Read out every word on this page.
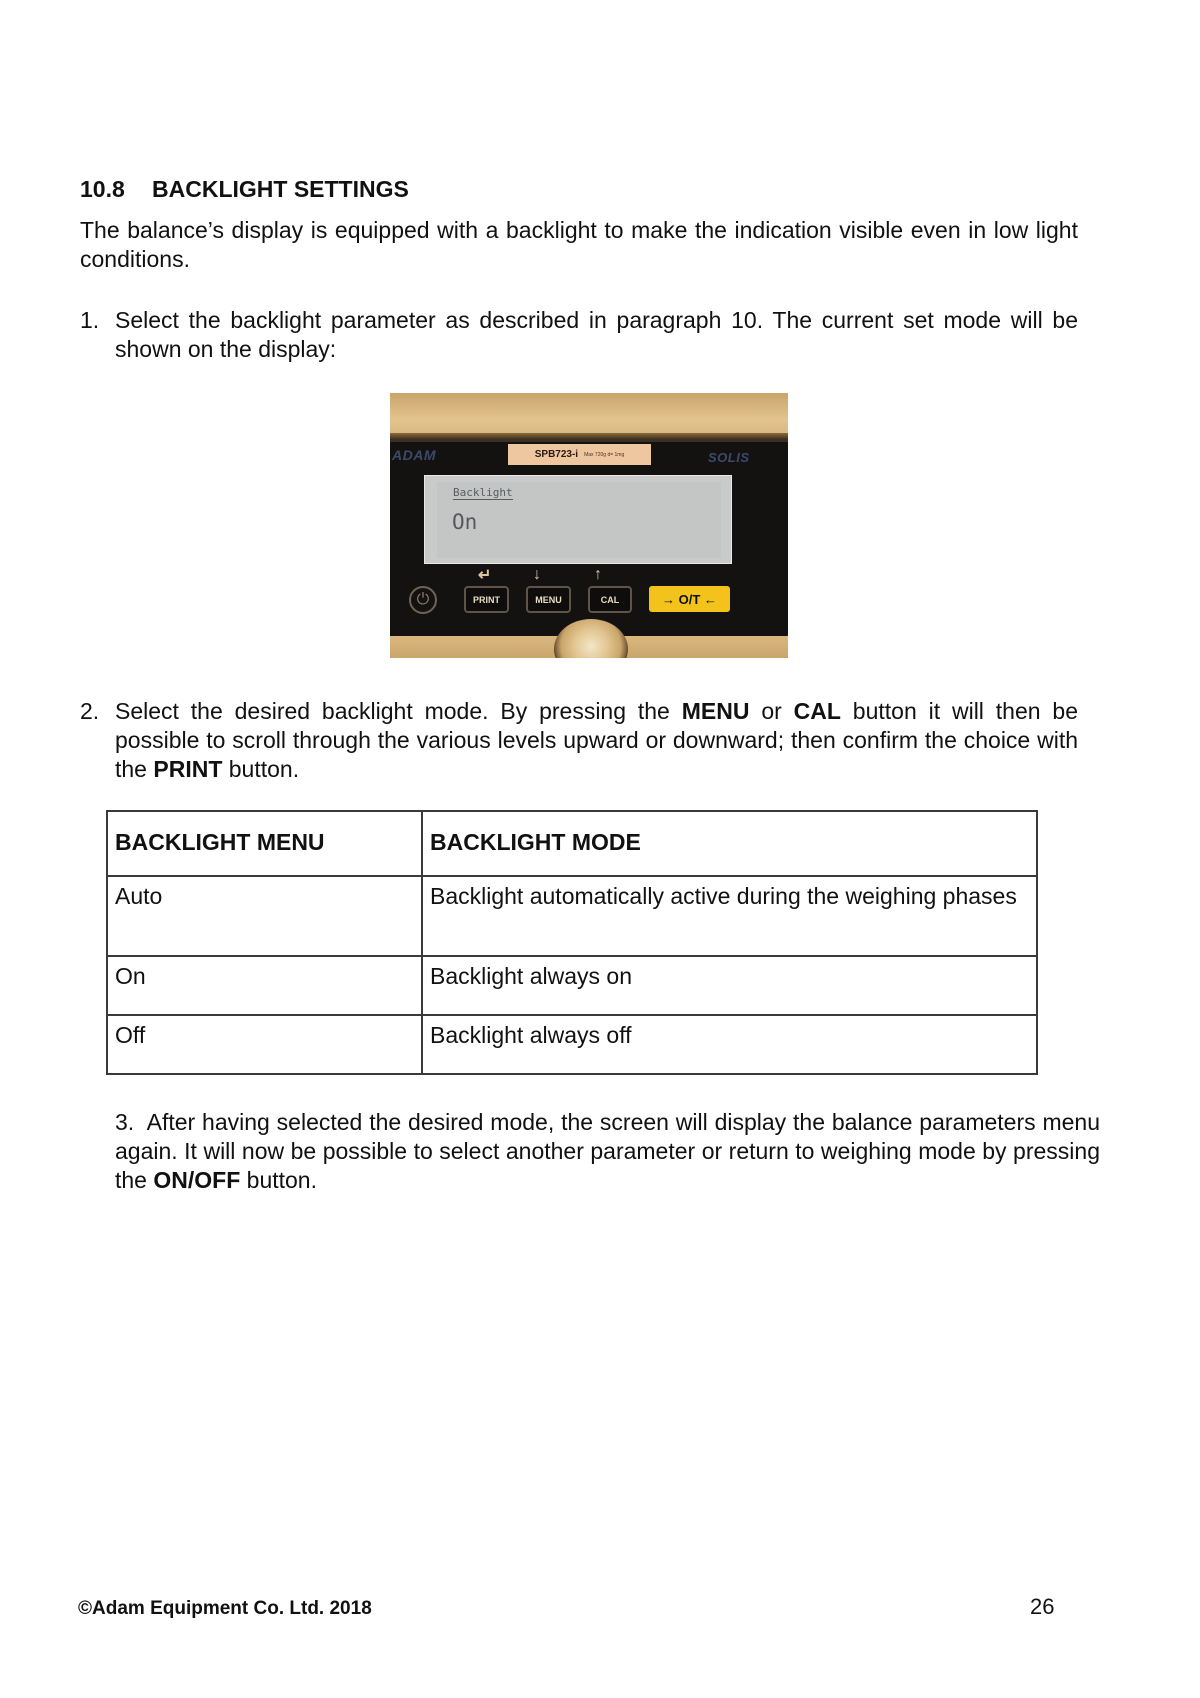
10.8 BACKLIGHT SETTINGS
The balance’s display is equipped with a backlight to make the indication visible even in low light conditions.
1. Select the backlight parameter as described in paragraph 10. The current set mode will be shown on the display:
ADAM	SOLIS
SPB723-i Max 720g d= 1mg
Backlight
On
↵	↓	↑
⏻	PRINT	MENU	CAL	→ O/T ←
2. Select the desired backlight mode. By pressing the MENU or CAL button it will then be possible to scroll through the various levels upward or downward; then confirm the choice with the PRINT button.
BACKLIGHT MENU	BACKLIGHT MODE
Auto	Backlight automatically active during the weighing phases
On	Backlight always on
Off	Backlight always off
3. After having selected the desired mode, the screen will display the balance parameters menu again. It will now be possible to select another parameter or return to weighing mode by pressing the ON/OFF button.
©Adam Equipment Co. Ltd. 2018	26
